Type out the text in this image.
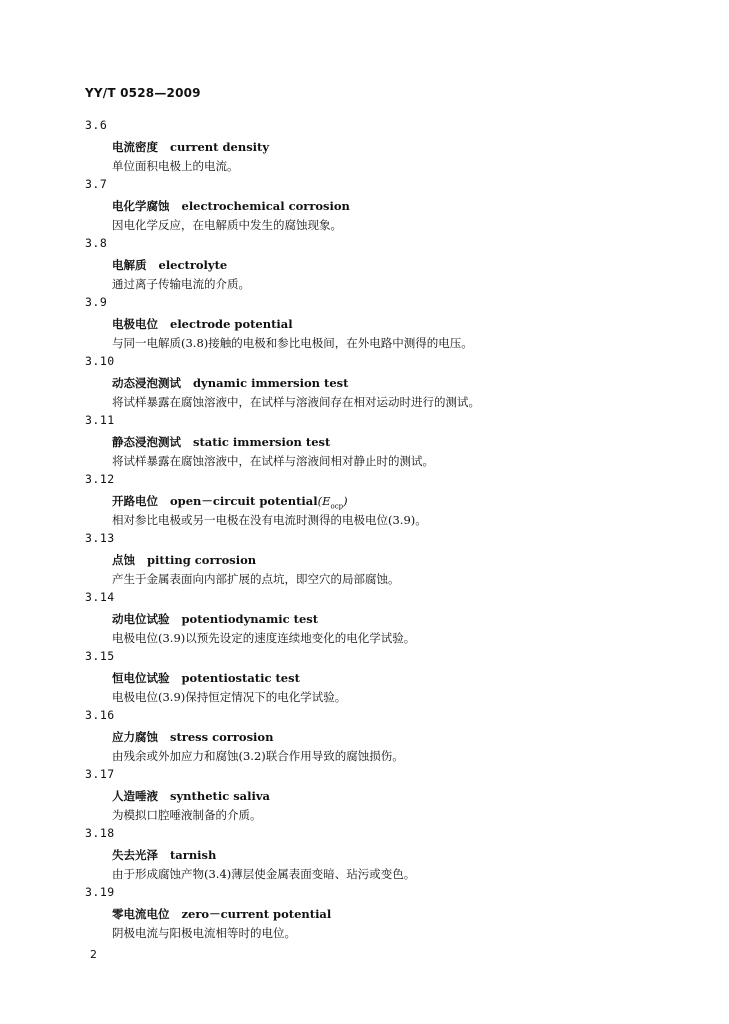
YY/T 0528—2009
3.6
电流密度 current density
单位面积电极上的电流。
3.7
电化学腐蚀 electrochemical corrosion
因电化学反应，在电解质中发生的腐蚀现象。
3.8
电解质 electrolyte
通过离子传输电流的介质。
3.9
电极电位 electrode potential
与同一电解质(3.8)接触的电极和参比电极间，在外电路中测得的电压。
3.10
动态浸泡测试 dynamic immersion test
将试样暴露在腐蚀溶液中，在试样与溶液间存在相对运动时进行的测试。
3.11
静态浸泡测试 static immersion test
将试样暴露在腐蚀溶液中，在试样与溶液间相对静止时的测试。
3.12
开路电位 open－circuit $potential(E_{ocp})$
相对参比电极或另一电极在没有电流时测得的电极电位(3.9)。
3.13
点蚀 pitting corrosion
产生于金属表面向内部扩展的点坑，即空穴的局部腐蚀。
3.14
动电位试验 potentiodynamic test
电极电位(3.9)以预先设定的速度连续地变化的电化学试验。
3.15
恒电位试验 potentiostatic test
电极电位(3.9)保持恒定情况下的电化学试验。
3.16
应力腐蚀 stress corrosion
由残余或外加应力和腐蚀(3.2)联合作用导致的腐蚀损伤。
3.17
人造唾液 synthetic saliva
为模拟口腔唾液制备的介质。
3.18
失去光泽 tarnish
由于形成腐蚀产物(3.4)薄层使金属表面变暗、玷污或变色。
3.19
零电流电位 zero－current potential
阴极电流与阳极电流相等时的电位。
2
